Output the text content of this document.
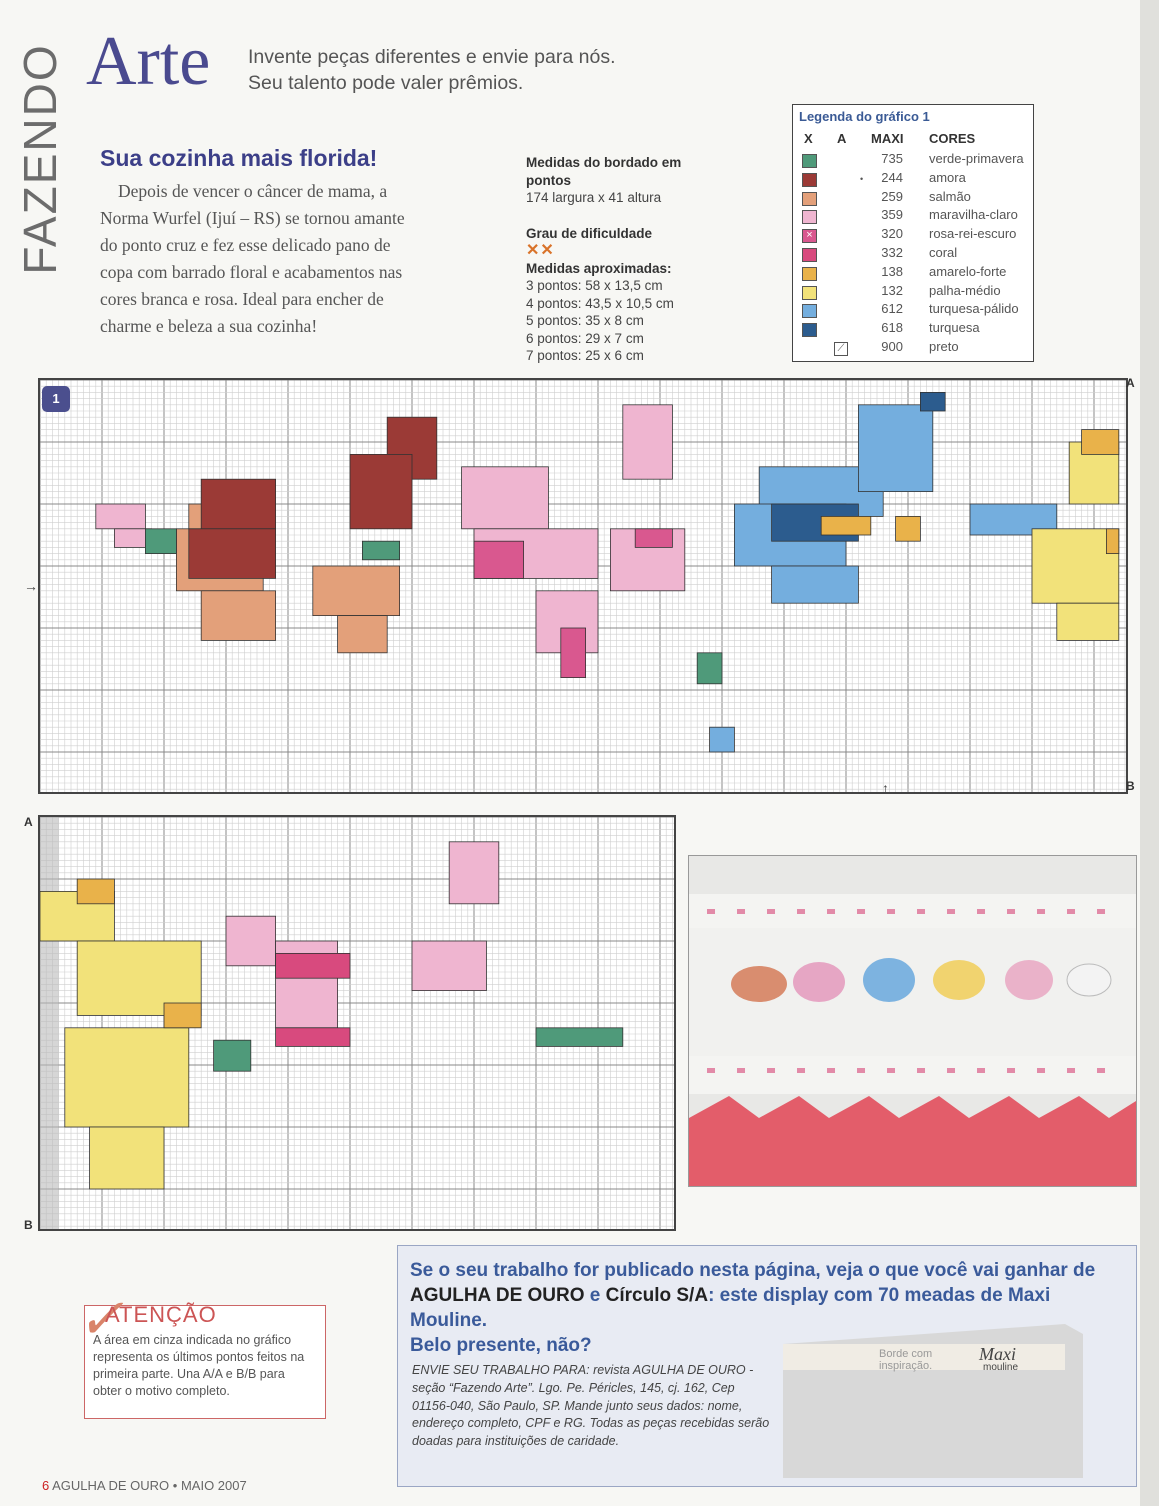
FAZENDO Arte Invente peças diferentes e envie para nós.
Seu talento pode valer prêmios.
Sua cozinha mais florida!

Depois de vencer o câncer de mama, a Norma Wurfel (Ijuí – RS) se tornou amante do ponto cruz e fez esse delicado pano de copa com barrado floral e acabamentos nas cores branca e rosa. Ideal para encher de charme e beleza a sua cozinha!

Medidas do bordado em pontos
174 largura x 41 altura
Grau de dificuldade
✕✕
Medidas aproximadas:
3 pontos: 58 x 13,5 cm
4 pontos: 43,5 x 10,5 cm
5 pontos: 35 x 8 cm
6 pontos: 29 x 7 cm
7 pontos: 25 x 6 cm
Legenda do gráfico 1
X A MAXI CORES
735 verde-primavera
•	244 amora
259 salmão
359 maravilha-claro
×	320 rosa-rei-escuro
332 coral
138 amarelo-forte
132 palha-médio
612 turquesa-pálido
618 turquesa
⟋	900 preto
1
A
B
→
↑
A
B
✓
ATENÇÃO
A área em cinza indicada no gráfico representa os últimos pontos feitos na primeira parte. Una A/A e B/B para obter o motivo completo.
Se o seu trabalho for publicado nesta página, veja o que você vai ganhar de
AGULHA DE OURO e Círculo S/A: este display com 70 meadas de Maxi Mouline.
Belo presente, não?
ENVIE SEU TRABALHO PARA: revista AGULHA DE OURO - seção “Fazendo Arte”. Lgo. Pe. Péricles, 145, cj. 162, Cep 01156-040, São Paulo, SP. Mande junto seus dados: nome, endereço completo, CPF e RG. Todas as peças recebidas serão doadas para instituições de caridade.
Borde com inspiração.
Maxi
mouline
6 AGULHA DE OURO • MAIO 2007
